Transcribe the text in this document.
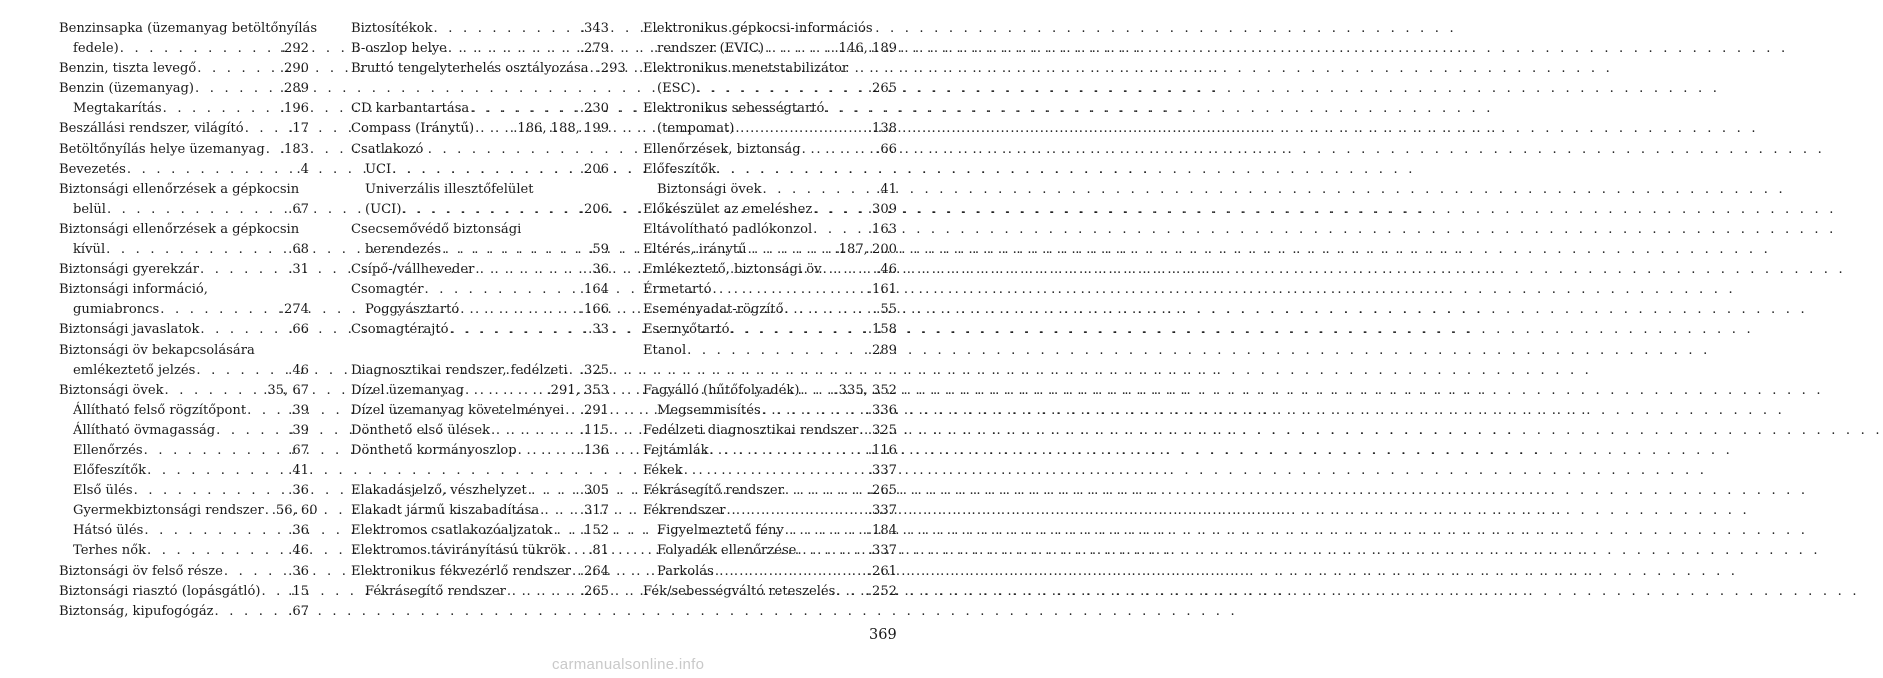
Benzinsapka (üzemanyag betöltőnyílás
fedele) . . .	.292
Benzin, tiszta levegő . . .	.290
Benzin (üzemanyag) . . .	.289
Megtakarítás . . .	.196
Beszállási rendszer, világító . . .	.17
Betöltőnyílás helye üzemanyag . . . .183
Bevezetés . . .	.4
Biztonsági ellenőrzések a gépkocsin
belül . . .	.67
Biztonsági ellenőrzések a gépkocsin
kívül . . .	.68
Biztonsági gyerekzár . . .	.31
Biztonsági információ,
gumiabroncs . . .	.274
Biztonsági javaslatok . . .	.66
Biztonsági öv bekapcsolására
emlékeztető jelzés . . .	.46
Biztonsági övek . . .	.35, 67
Állítható felső rögzítőpont . . .	.39
Állítható övmagasság . . .	.39
Ellenőrzés . . .	.67
Előfeszítők . . .	.41
Első ülés . . .	.36
Gyermekbiztonsági rendszer . . . .56, 60
Hátsó ülés . . .	.36
Terhes nők . . .	.46
Biztonsági öv felső része . . .	.36
Biztonsági riasztó (lopásgátló) . . . .15
Biztonság, kipufogógáz . . .	.67
Biztosítékok . . .	.343
B-oszlop helye . . .	.279
Bruttó tengelyterhelés osztályozása . . . .293
CD karbantartása . . .	.230
Compass (Iránytű) . . .	.186, 188, 199
Csatlakozó
UCI . . .	.206
Univerzális illesztőfelület
(UCI) . . .	.206
Csecsemővédő biztonsági
berendezés . . .	.59
Csípő-/vállheveder . . .	.36
Csomagtér . . .	.164
Poggyásztartó . . .	.166
Csomagtérajtó . . .	.33
Diagnosztikai rendszer, fedélzeti . . . .325
Dízel üzemanyag . . .	.291, 353
Dízel üzemanyag követelményei . . . .291
Dönthető első ülések . . .	.115
Dönthető kormányoszlop . . .	.136
Elakadásjelző, vészhelyzet . . .	.305
Elakadt jármű kiszabadítása . . .	.317
Elektromos csatlakozóaljzatok . . . .152
Elektromos távirányítású tükrök . . . .81
Elektronikus fékvezérlő rendszer . . . .264
Fékrásegítő rendszer . . .	.265
Elektronikus gépkocsi-információs
rendszer (EVIC) . . .	.146, 189
Elektronikus menetstabilizátor
(ESC) . . .	.265
Elektronikus sebességtartó
(tempomat) . . .	.138
Ellenőrzések, biztonság . . .	.66
Előfeszítők
Biztonsági övek . . .	.41
Előkészület az emeléshez . . .	.309
Eltávolítható padlókonzol . . .	.163
Eltérés, iránytű . . .	.187, 200
Emlékeztető, biztonsági öv . . .	.46
Érmetartó . . .	.161
Eseményadat-rögzítő . . .	.55
Esernyőtartó . . .	.158
Etanol . . .	.289
Fagyálló (hűtőfolyadék) . . .	.335, 352
Megsemmisítés . . .	.336
Fedélzeti diagnosztikai rendszer . . . .325
Fejtámlák . . .	.116
Fékek . . .	.337
Fékrásegítő rendszer . . .	.265
Fékrendszer . . .	.337
Figyelmeztető fény . . .	.184
Folyadék ellenőrzése . . .	.337
Parkolás . . .	.261
Fék/sebességváltó reteszelés . . . .252
369
carmanualsonline.info
